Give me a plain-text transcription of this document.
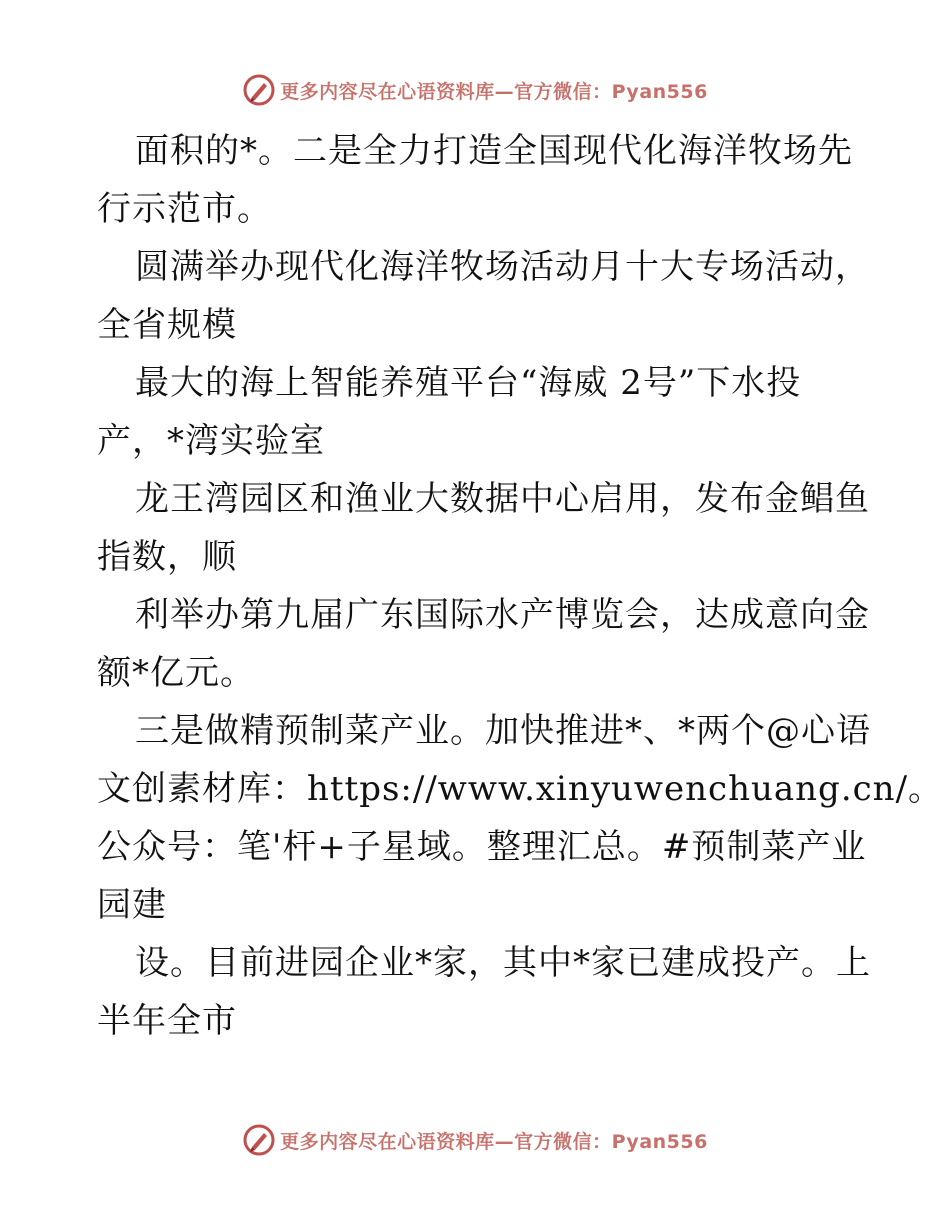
更多内容尽在心语资料库—官方微信：Pyan556
面积的*。二是全力打造全国现代化海洋牧场先
行示范市。
圆满举办现代化海洋牧场活动月十大专场活动，
全省规模
最大的海上智能养殖平台“海威 2号”下水投
产，*湾实验室
龙王湾园区和渔业大数据中心启用，发布金鲳鱼
指数，顺
利举办第九届广东国际水产博览会，达成意向金
额*亿元。
三是做精预制菜产业。加快推进*、*两个@心语
文创素材库：https://www.xinyuwenchuang.cn/。
公众号：笔'杆+子星域。整理汇总。#预制菜产业
园建
设。目前进园企业*家，其中*家已建成投产。上
半年全市
更多内容尽在心语资料库—官方微信：Pyan556
